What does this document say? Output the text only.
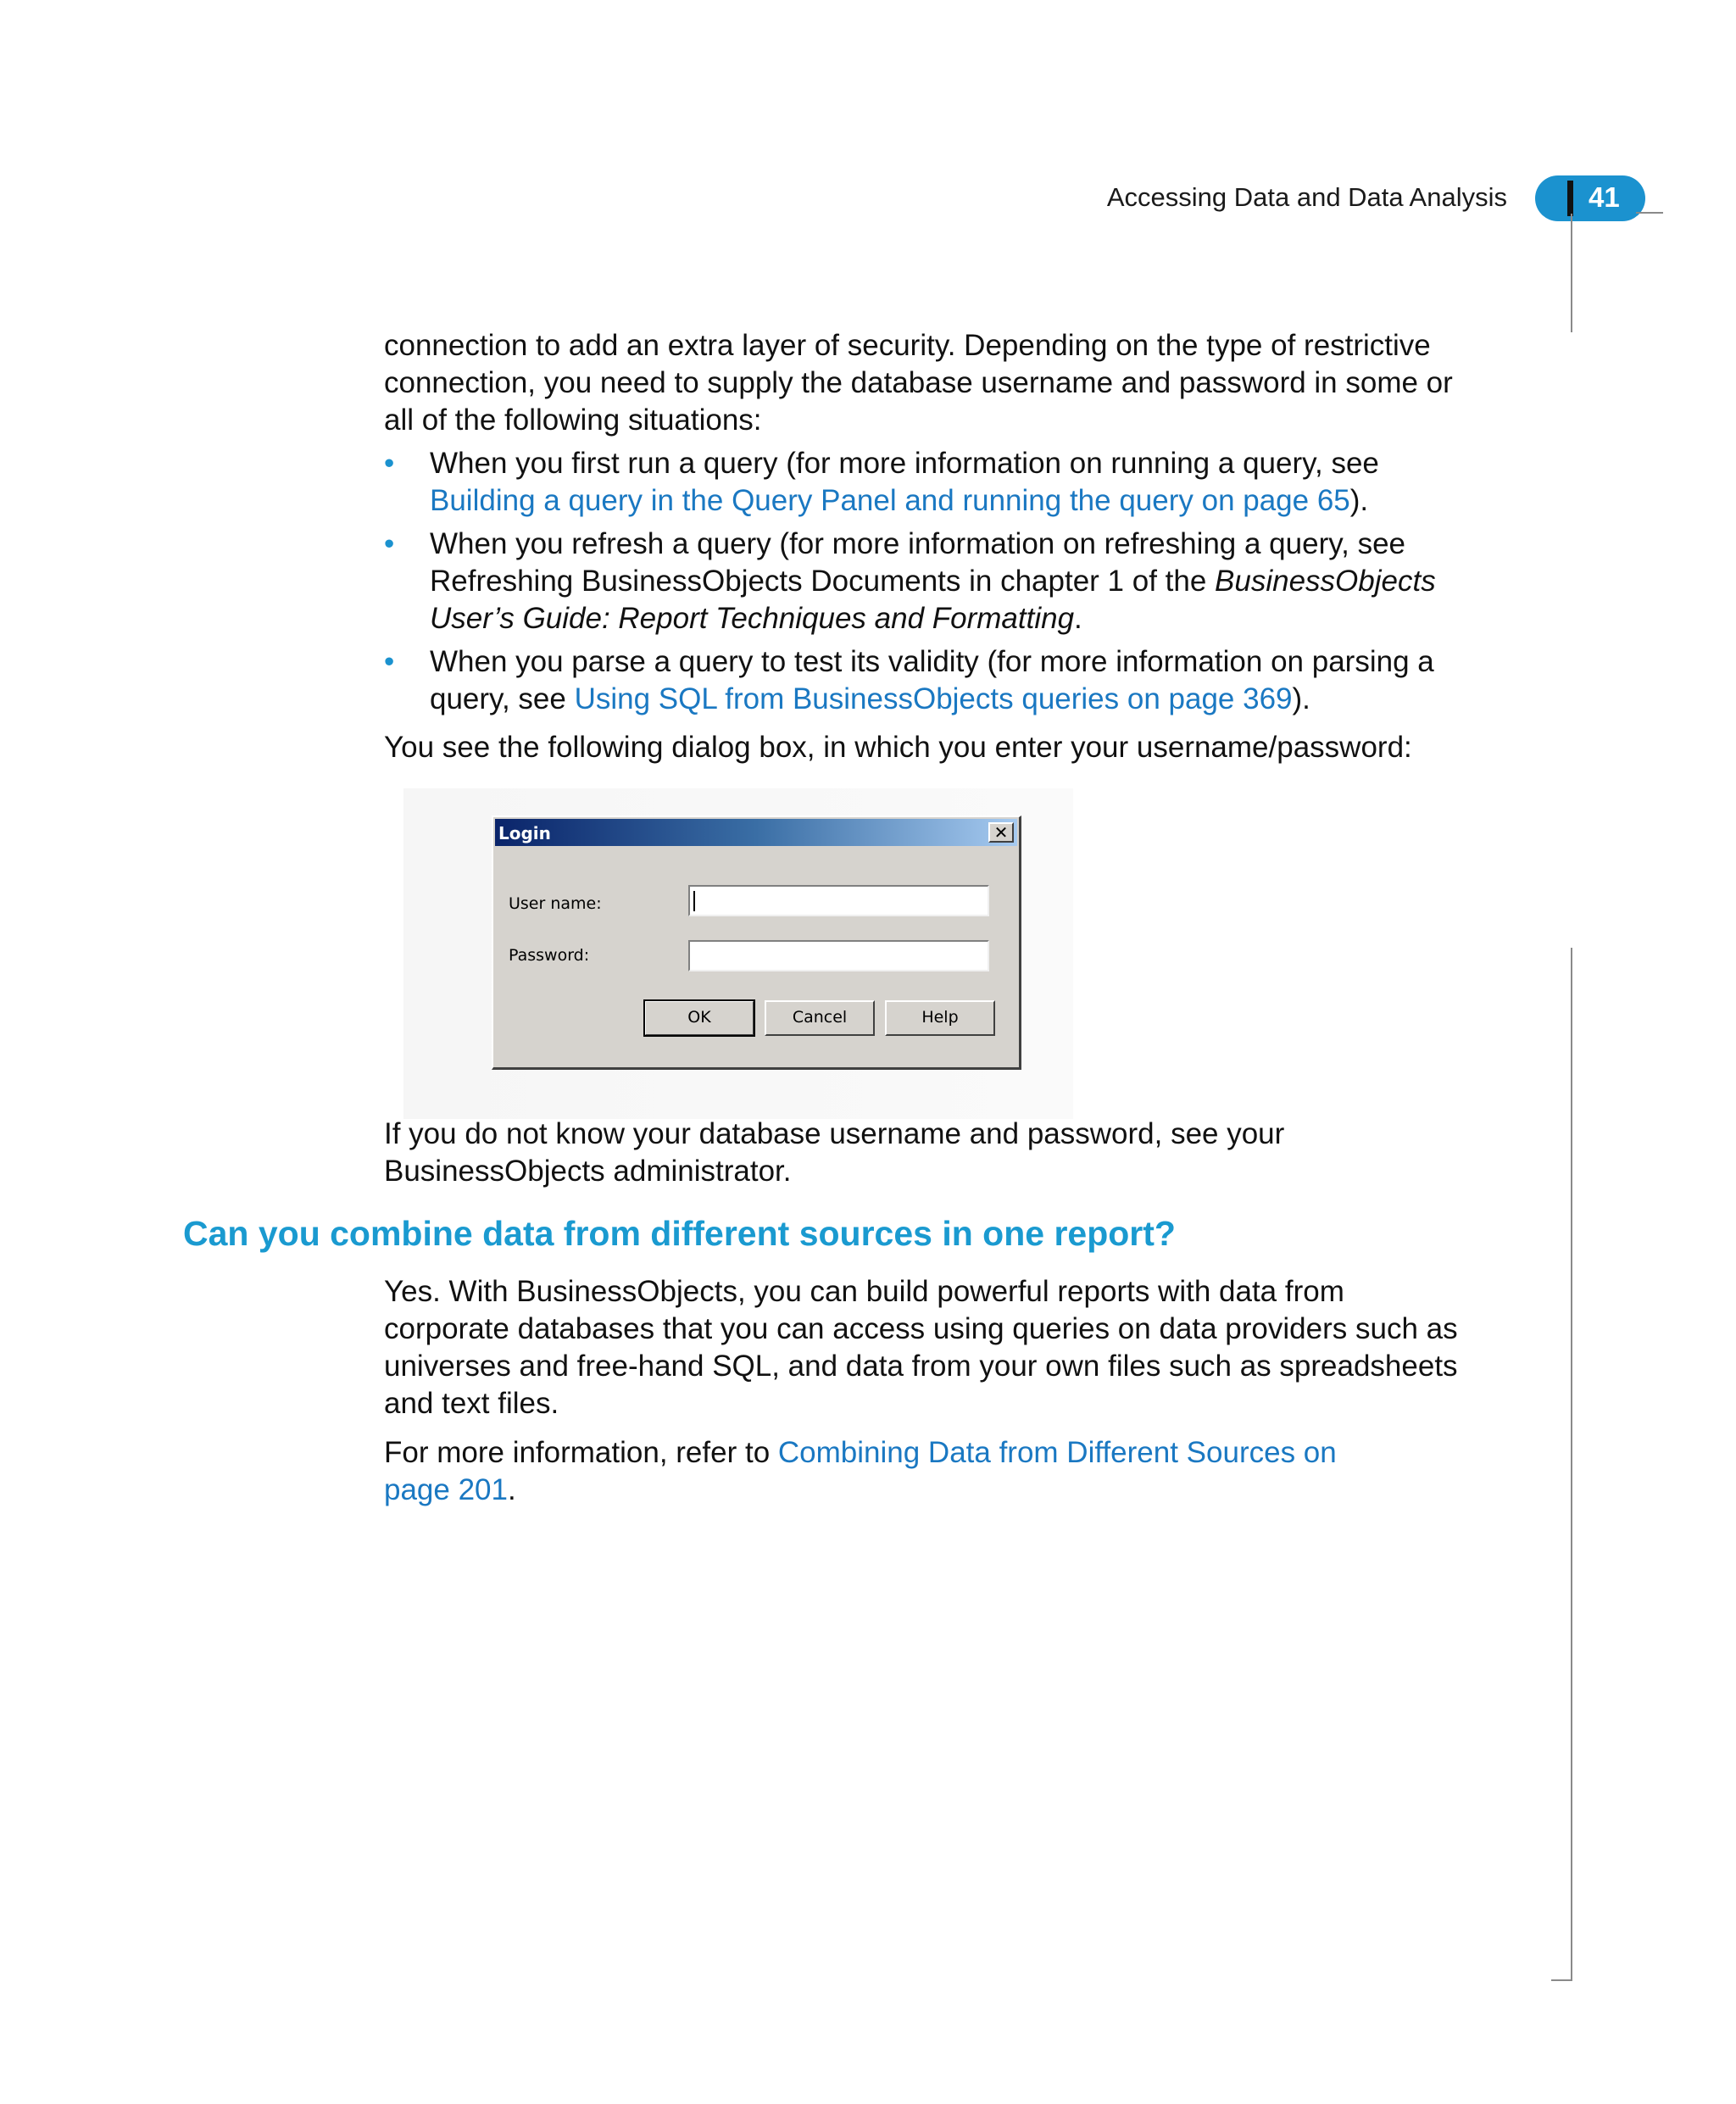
Accessing Data and Data Analysis	41

connection to add an extra layer of security. Depending on the type of restrictive connection, you need to supply the database username and password in some or all of the following situations:

• When you first run a query (for more information on running a query, see Building a query in the Query Panel and running the query on page 65).
• When you refresh a query (for more information on refreshing a query, see Refreshing BusinessObjects Documents in chapter 1 of the BusinessObjects User’s Guide: Report Techniques and Formatting.
• When you parse a query to test its validity (for more information on parsing a query, see Using SQL from BusinessObjects queries on page 369).

You see the following dialog box, in which you enter your username/password:

Login	✕
User name:
Password:
OK	Cancel	Help

If you do not know your database username and password, see your BusinessObjects administrator.

Can you combine data from different sources in one report?

Yes. With BusinessObjects, you can build powerful reports with data from corporate databases that you can access using queries on data providers such as universes and free-hand SQL, and data from your own files such as spreadsheets and text files.

For more information, refer to Combining Data from Different Sources on page 201.
